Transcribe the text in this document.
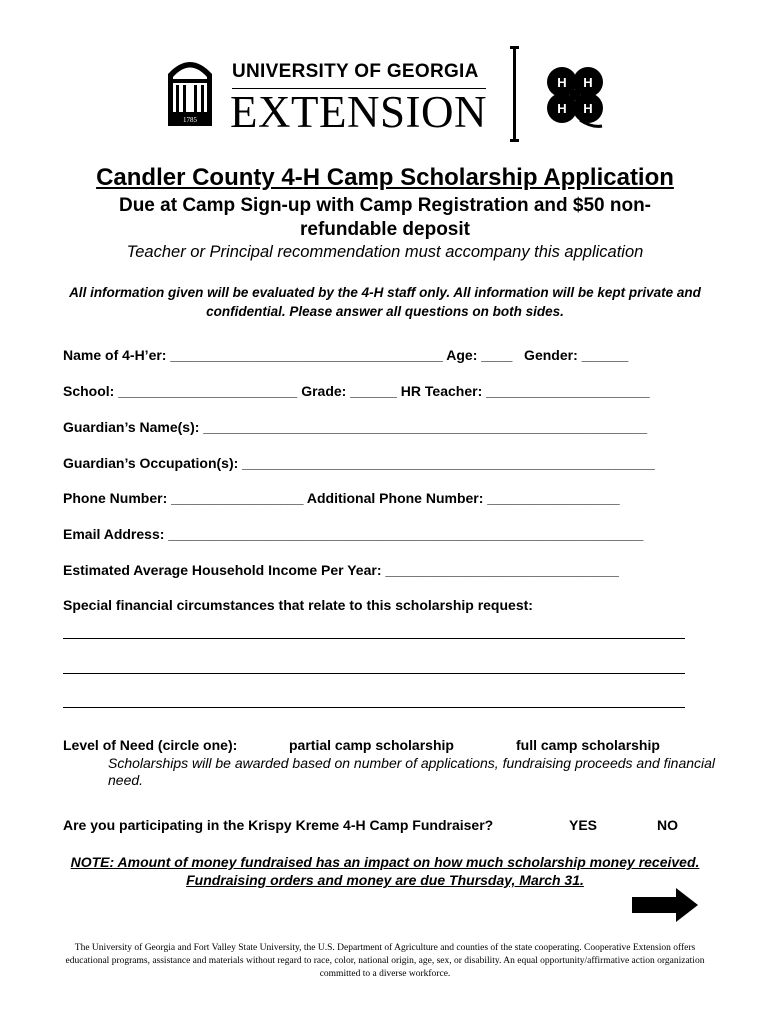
1785
UNIVERSITY OF GEORGIA
EXTENSION
H H
H H
Candler County 4-H Camp Scholarship Application
Due at Camp Sign-up with Camp Registration and $50 non-refundable deposit
Teacher or Principal recommendation must accompany this application
All information given will be evaluated by the 4-H staff only. All information will be kept private and confidential. Please answer all questions on both sides.
Name of 4-H’er: ___________________________________ Age: ____   Gender: ______
School: _______________________ Grade: ______ HR Teacher: _____________________
Guardian’s Name(s): _________________________________________________________
Guardian’s Occupation(s): _____________________________________________________
Phone Number: _________________ Additional Phone Number: _________________
Email Address: _____________________________________________________________
Estimated Average Household Income Per Year: ______________________________
Special financial circumstances that relate to this scholarship request:
Level of Need (circle one):	partial camp scholarship	full camp scholarship
Scholarships will be awarded based on number of applications, fundraising proceeds and financial need.
Are you participating in the Krispy Kreme 4-H Camp Fundraiser?	YES	NO
NOTE: Amount of money fundraised has an impact on how much scholarship money received. Fundraising orders and money are due Thursday, March 31.
The University of Georgia and Fort Valley State University, the U.S. Department of Agriculture and counties of the state cooperating. Cooperative Extension offers educational programs, assistance and materials without regard to race, color, national origin, age, sex, or disability. An equal opportunity/affirmative action organization committed to a diverse workforce.
